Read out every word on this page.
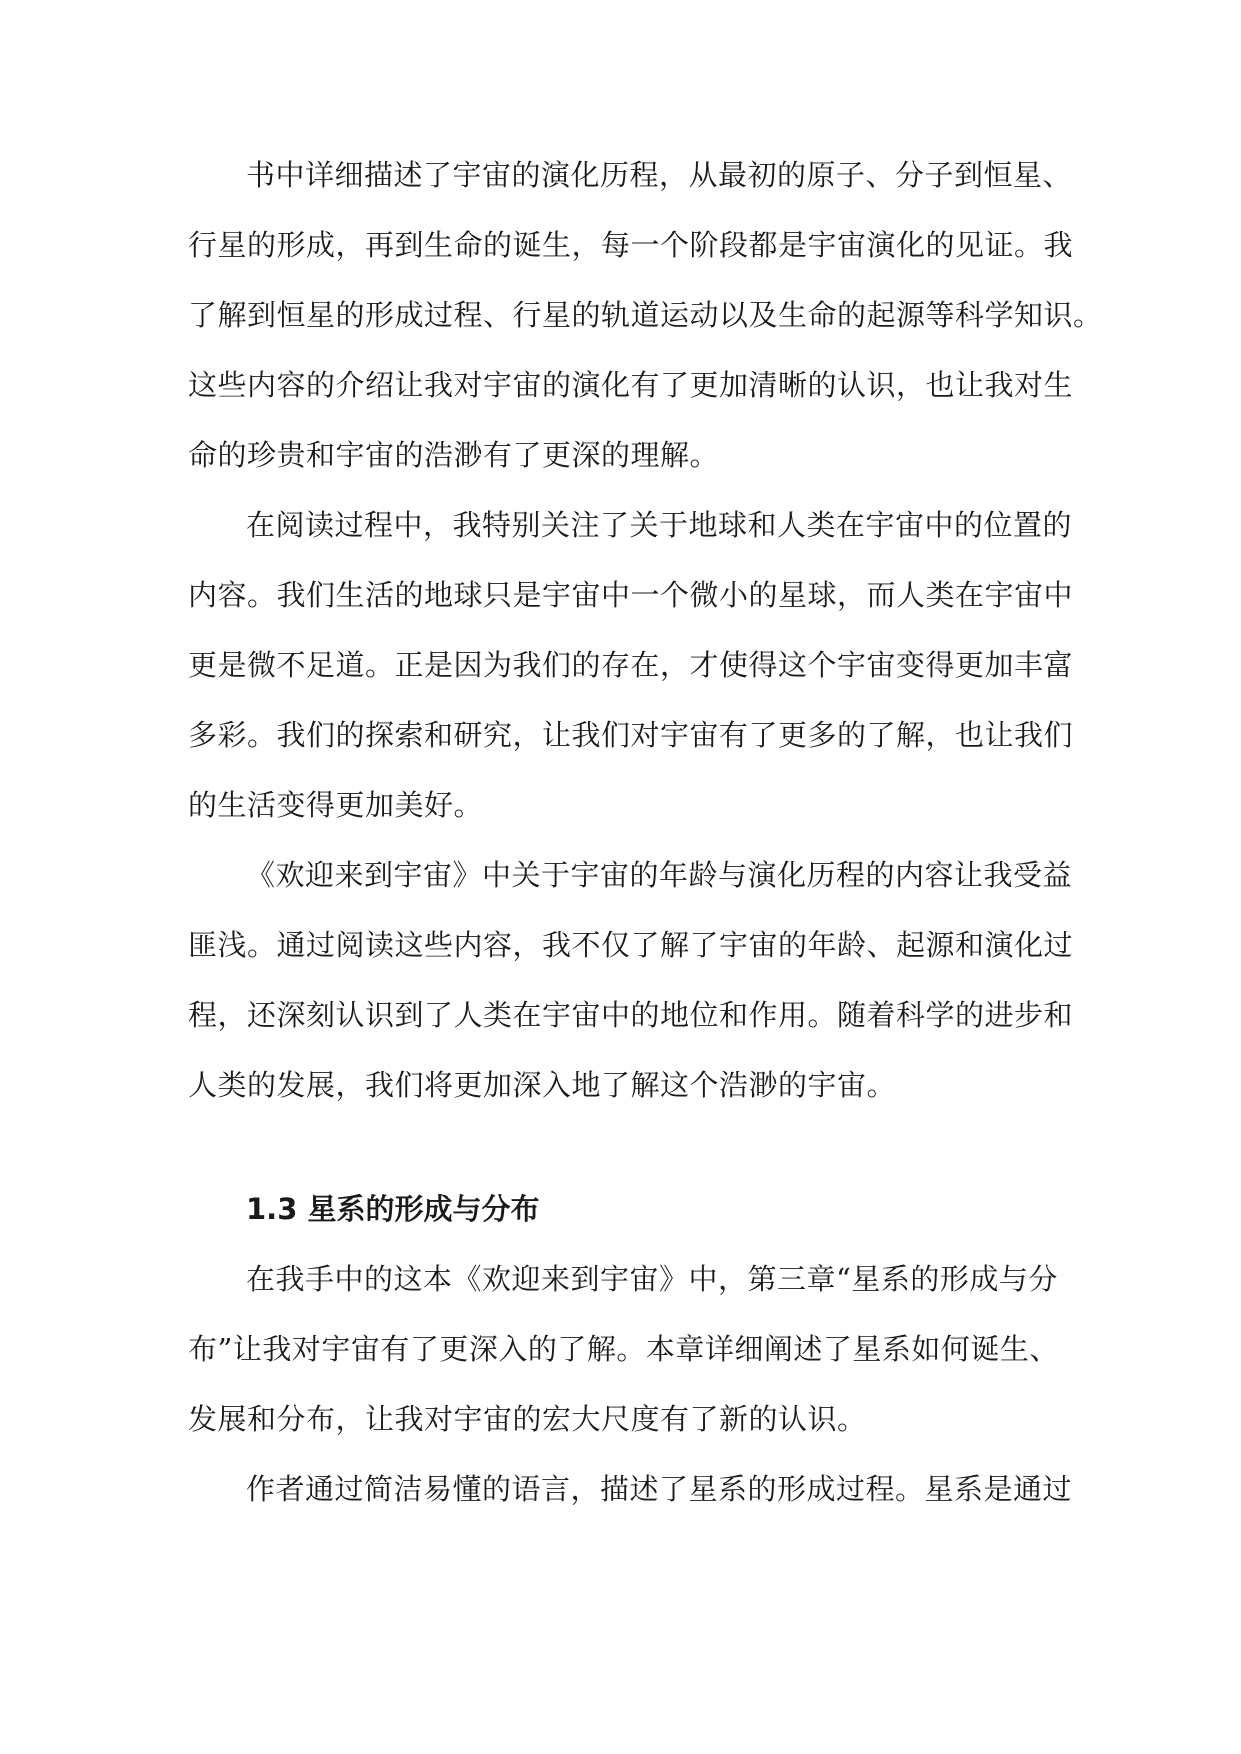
书中详细描述了宇宙的演化历程，从最初的原子、分子到恒星、
行星的形成，再到生命的诞生，每一个阶段都是宇宙演化的见证。我
了解到恒星的形成过程、行星的轨道运动以及生命的起源等科学知识。
这些内容的介绍让我对宇宙的演化有了更加清晰的认识，也让我对生
命的珍贵和宇宙的浩渺有了更深的理解。
在阅读过程中，我特别关注了关于地球和人类在宇宙中的位置的
内容。我们生活的地球只是宇宙中一个微小的星球，而人类在宇宙中
更是微不足道。正是因为我们的存在，才使得这个宇宙变得更加丰富
多彩。我们的探索和研究，让我们对宇宙有了更多的了解，也让我们
的生活变得更加美好。
《欢迎来到宇宙》中关于宇宙的年龄与演化历程的内容让我受益
匪浅。通过阅读这些内容，我不仅了解了宇宙的年龄、起源和演化过
程，还深刻认识到了人类在宇宙中的地位和作用。随着科学的进步和
人类的发展，我们将更加深入地了解这个浩渺的宇宙。
1.3 星系的形成与分布
在我手中的这本《欢迎来到宇宙》中，第三章“星系的形成与分
布”让我对宇宙有了更深入的了解。本章详细阐述了星系如何诞生、
发展和分布，让我对宇宙的宏大尺度有了新的认识。
作者通过简洁易懂的语言，描述了星系的形成过程。星系是通过
